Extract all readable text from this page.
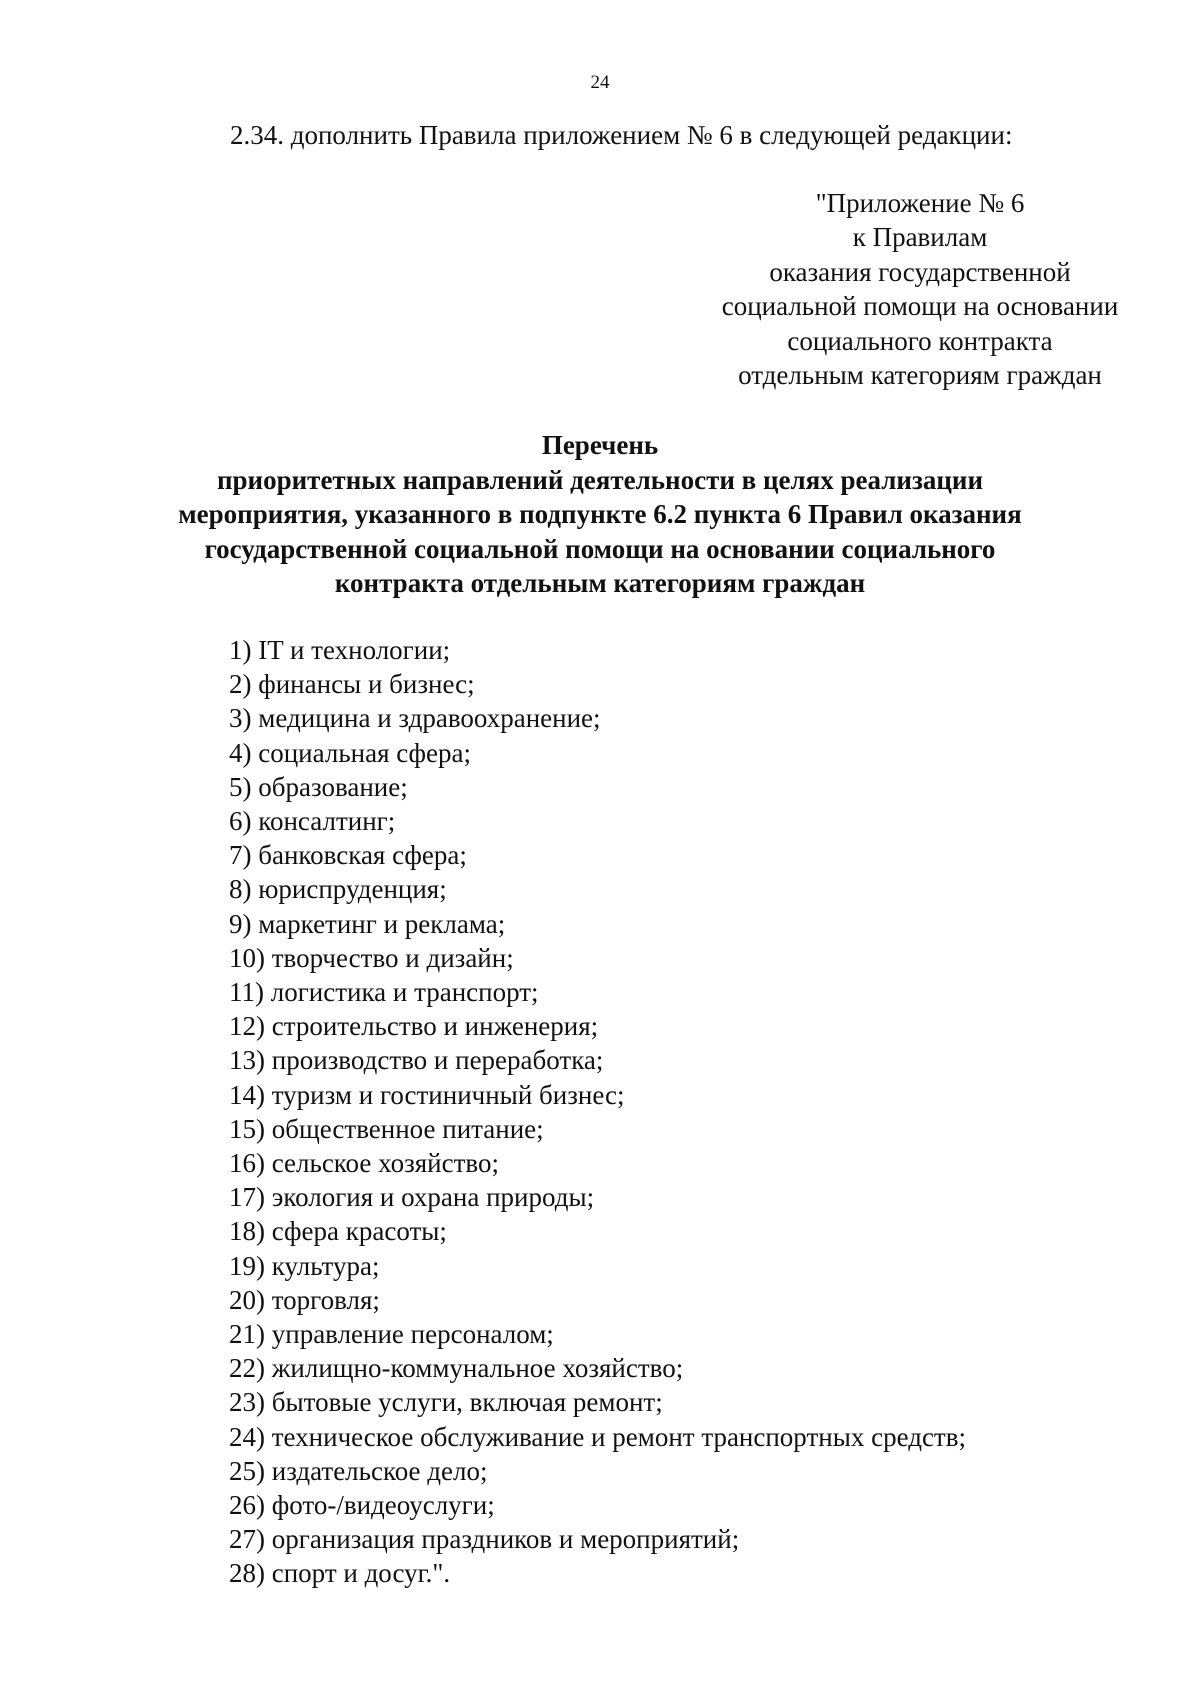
24
2.34. дополнить Правила приложением № 6 в следующей редакции:
"Приложение № 6
к Правилам
оказания государственной
социальной помощи на основании
социального контракта
отдельным категориям граждан
Перечень
приоритетных направлений деятельности в целях реализации
мероприятия, указанного в подпункте 6.2 пункта 6 Правил оказания
государственной социальной помощи на основании социального
контракта отдельным категориям граждан
1) IT и технологии;
2) финансы и бизнес;
3) медицина и здравоохранение;
4) социальная сфера;
5) образование;
6) консалтинг;
7) банковская сфера;
8) юриспруденция;
9) маркетинг и реклама;
10) творчество и дизайн;
11) логистика и транспорт;
12) строительство и инженерия;
13) производство и переработка;
14) туризм и гостиничный бизнес;
15) общественное питание;
16) сельское хозяйство;
17) экология и охрана природы;
18) сфера красоты;
19) культура;
20) торговля;
21) управление персоналом;
22) жилищно-коммунальное хозяйство;
23) бытовые услуги, включая ремонт;
24) техническое обслуживание и ремонт транспортных средств;
25) издательское дело;
26) фото-/видеоуслуги;
27) организация праздников и мероприятий;
28) спорт и досуг.".
